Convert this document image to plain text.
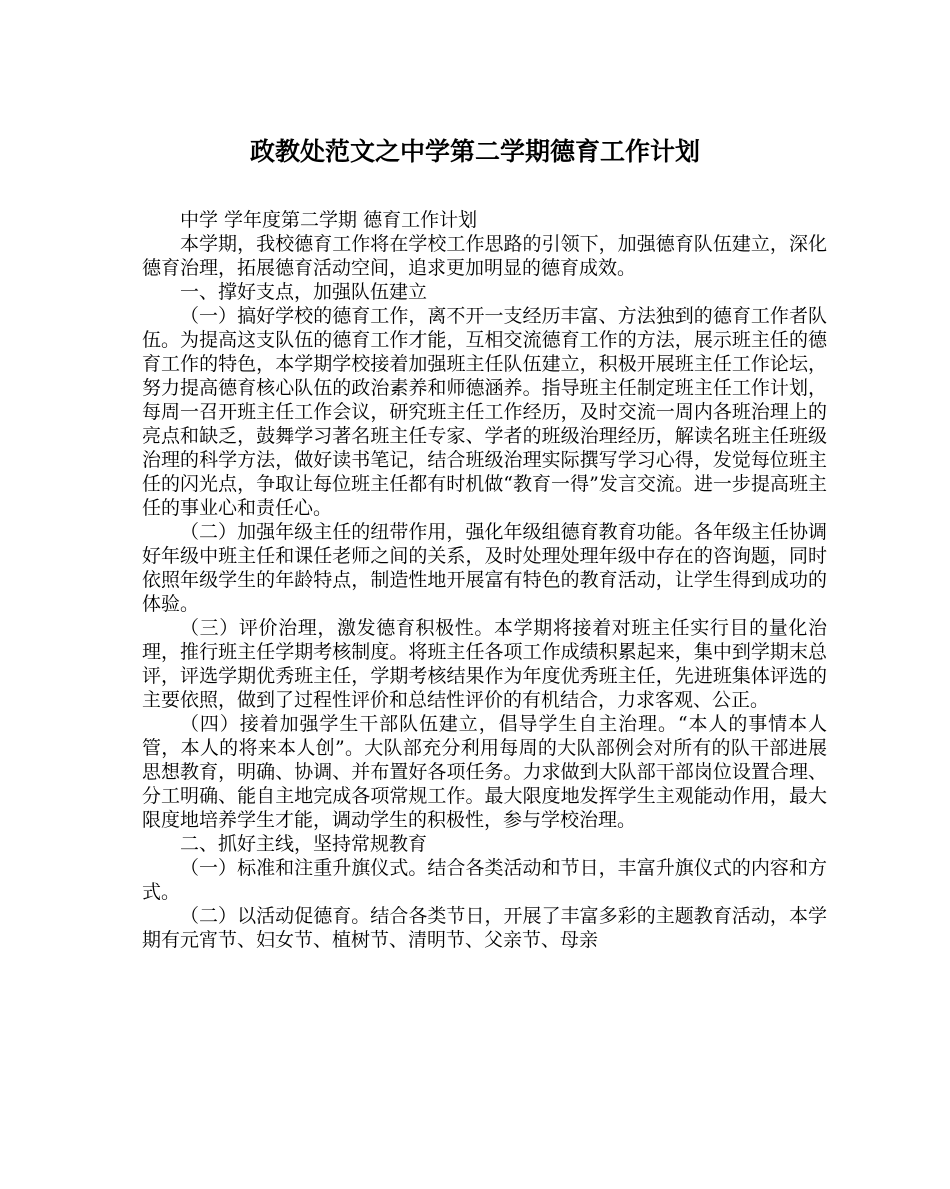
政教处范文之中学第二学期德育工作计划

中学 学年度第二学期 德育工作计划

本学期，我校德育工作将在学校工作思路的引领下，加强德育队伍建立，深化德育治理，拓展德育活动空间，追求更加明显的德育成效。

一、撑好支点，加强队伍建立

（一）搞好学校的德育工作，离不开一支经历丰富、方法独到的德育工作者队伍。为提高这支队伍的德育工作才能，互相交流德育工作的方法，展示班主任的德育工作的特色，本学期学校接着加强班主任队伍建立，积极开展班主任工作论坛，努力提高德育核心队伍的政治素养和师德涵养。指导班主任制定班主任工作计划，每周一召开班主任工作会议，研究班主任工作经历，及时交流一周内各班治理上的亮点和缺乏，鼓舞学习著名班主任专家、学者的班级治理经历，解读名班主任班级治理的科学方法，做好读书笔记，结合班级治理实际撰写学习心得，发觉每位班主任的闪光点，争取让每位班主任都有时机做“教育一得”发言交流。进一步提高班主任的事业心和责任心。

（二）加强年级主任的纽带作用，强化年级组德育教育功能。各年级主任协调好年级中班主任和课任老师之间的关系，及时处理处理年级中存在的咨询题，同时依照年级学生的年龄特点，制造性地开展富有特色的教育活动，让学生得到成功的体验。

（三）评价治理，激发德育积极性。本学期将接着对班主任实行目的量化治理，推行班主任学期考核制度。将班主任各项工作成绩积累起来，集中到学期末总评，评选学期优秀班主任，学期考核结果作为年度优秀班主任，先进班集体评选的主要依照，做到了过程性评价和总结性评价的有机结合，力求客观、公正。

（四）接着加强学生干部队伍建立，倡导学生自主治理。“本人的事情本人管，本人的将来本人创”。大队部充分利用每周的大队部例会对所有的队干部进展思想教育，明确、协调、并布置好各项任务。力求做到大队部干部岗位设置合理、分工明确、能自主地完成各项常规工作。最大限度地发挥学生主观能动作用，最大限度地培养学生才能，调动学生的积极性，参与学校治理。

二、抓好主线，坚持常规教育

（一）标准和注重升旗仪式。结合各类活动和节日，丰富升旗仪式的内容和方式。

（二）以活动促德育。结合各类节日，开展了丰富多彩的主题教育活动，本学期有元宵节、妇女节、植树节、清明节、父亲节、母亲
